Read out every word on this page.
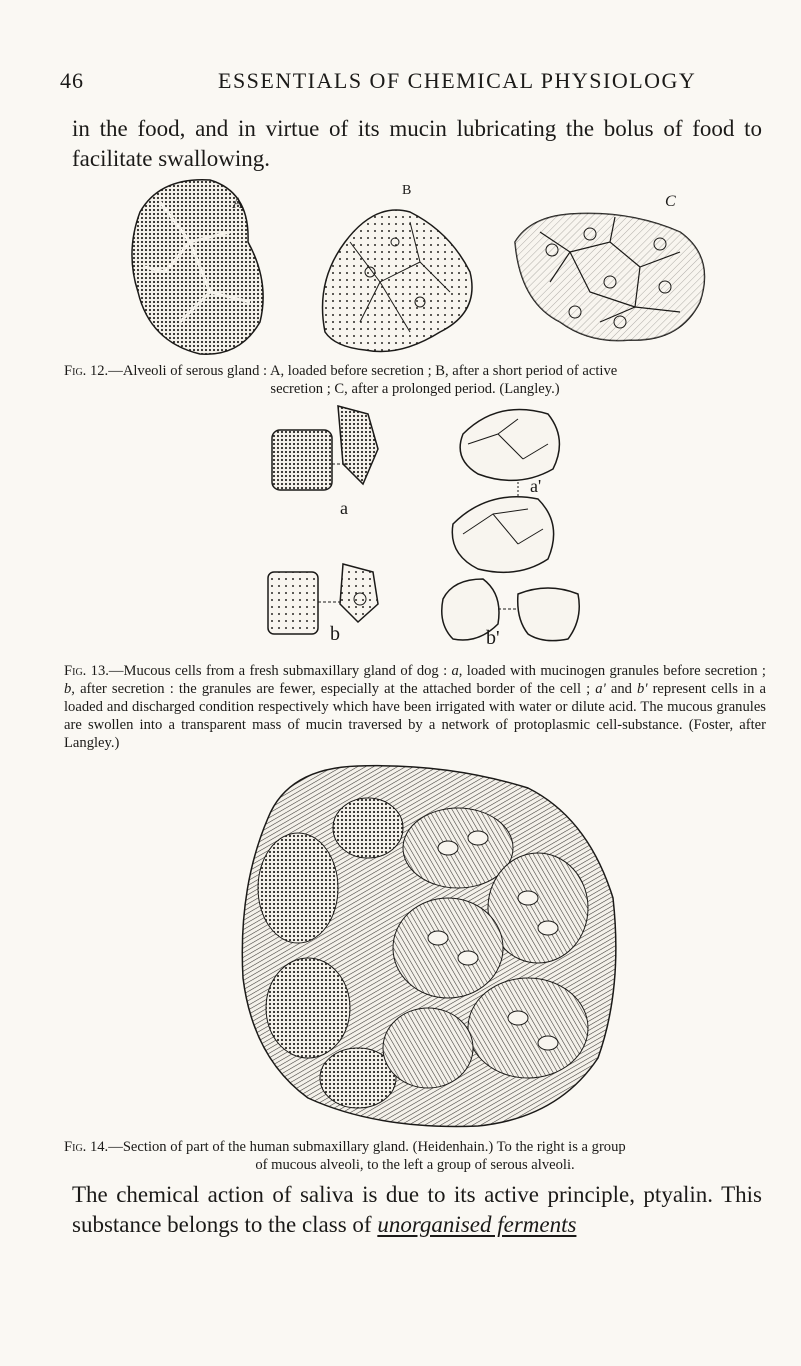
46	ESSENTIALS OF CHEMICAL PHYSIOLOGY
in the food, and in virtue of its mucin lubricating the bolus of food to facilitate swallowing.
A
B
C
Fig. 12.—Alveoli of serous gland : A, loaded before secretion ; B, after a short period of active
secretion ; C, after a prolonged period. (Langley.)
a
a'
b	b'
Fig. 13.—Mucous cells from a fresh submaxillary gland of dog : a, loaded with mucinogen granules before secretion ; b, after secretion : the granules are fewer, especially at the attached border of the cell ; a' and b' represent cells in a loaded and discharged condition respectively which have been irrigated with water or dilute acid. The mucous granules are swollen into a transparent mass of mucin traversed by a network of protoplasmic cell-substance. (Foster, after Langley.)
Fig. 14.—Section of part of the human submaxillary gland. (Heidenhain.) To the right is a group
of mucous alveoli, to the left a group of serous alveoli.
The chemical action of saliva is due to its active principle, ptyalin. This substance belongs to the class of unorganised ferments
